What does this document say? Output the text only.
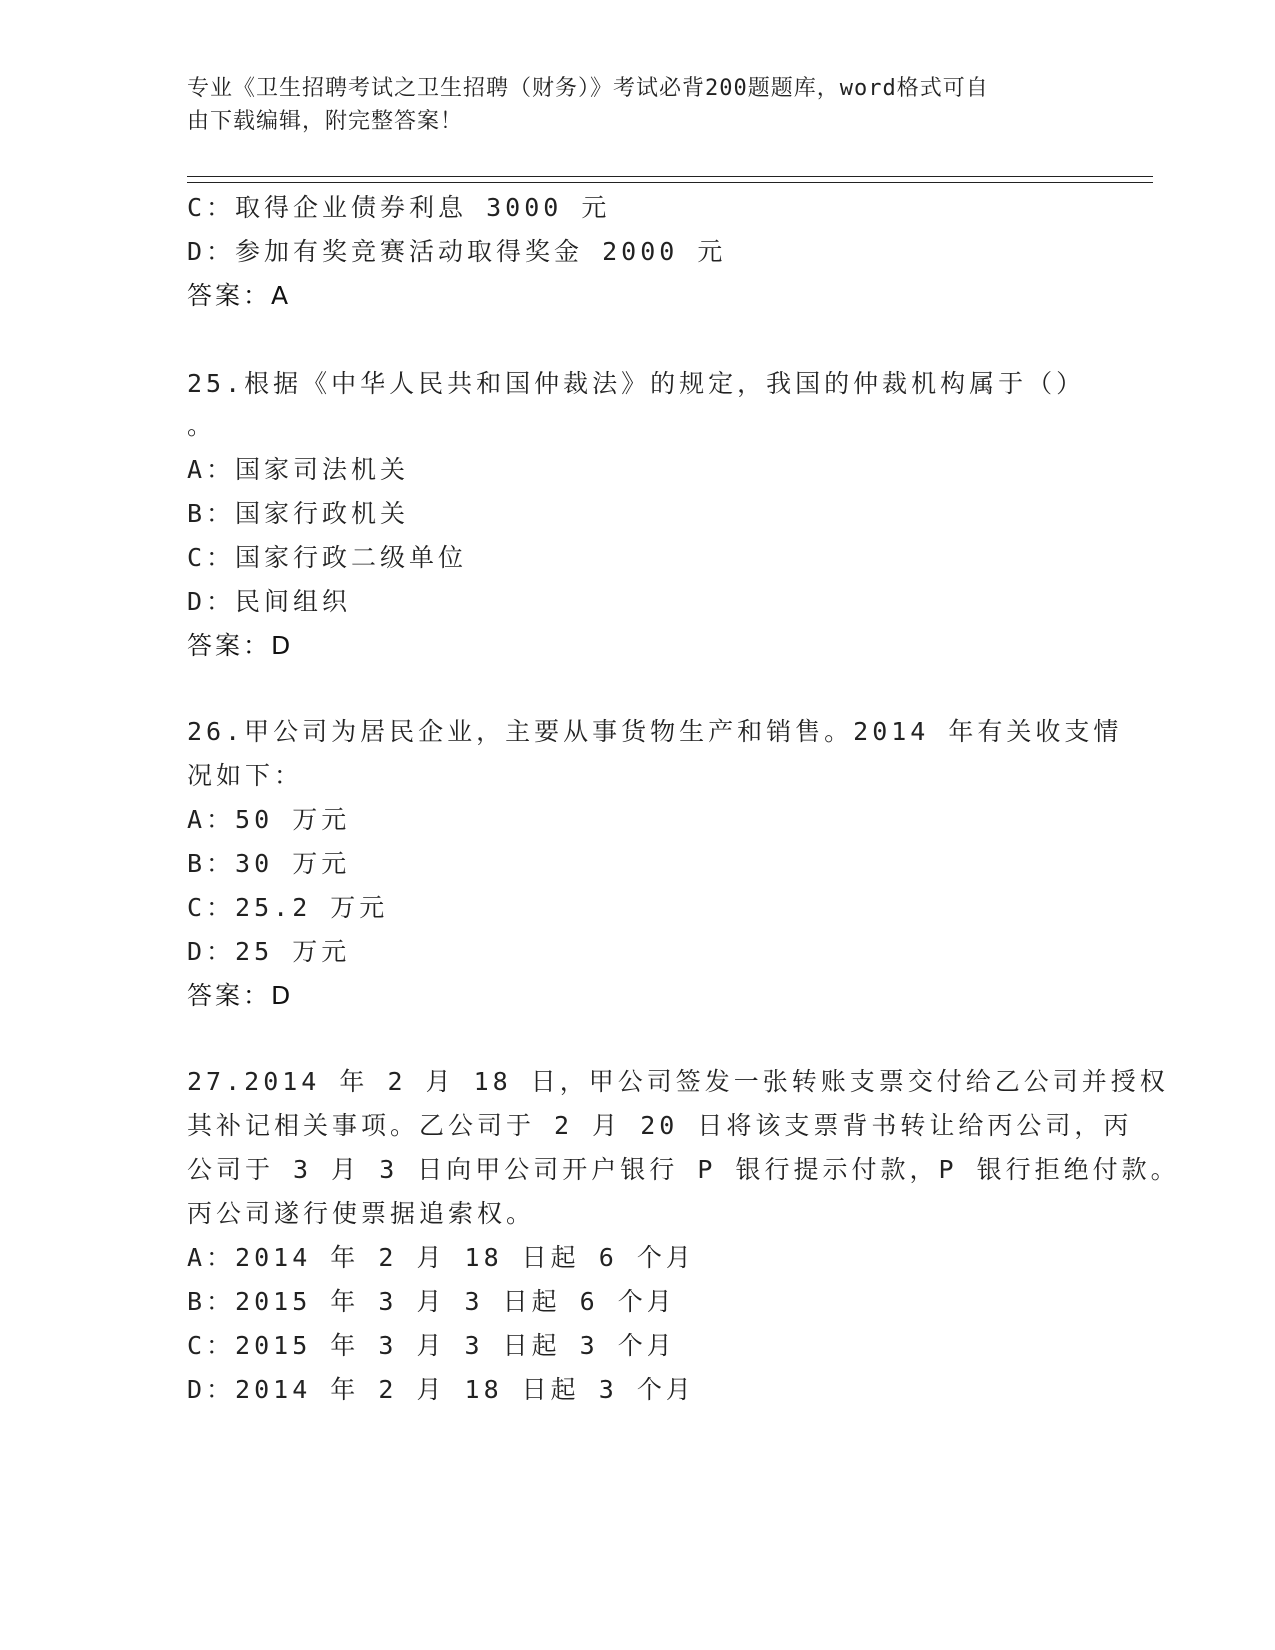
专业《卫生招聘考试之卫生招聘（财务）》考试必背200题题库，word格式可自
由下载编辑，附完整答案！
C：取得企业债券利息 3000 元
D：参加有奖竞赛活动取得奖金 2000 元
答案：A
25.根据《中华人民共和国仲裁法》的规定，我国的仲裁机构属于（）
。
A：国家司法机关
B：国家行政机关
C：国家行政二级单位
D：民间组织
答案：D
26.甲公司为居民企业，主要从事货物生产和销售。2014 年有关收支情
况如下：
A：50 万元
B：30 万元
C：25.2 万元
D：25 万元
答案：D
27.2014 年 2 月 18 日，甲公司签发一张转账支票交付给乙公司并授权
其补记相关事项。乙公司于 2 月 20 日将该支票背书转让给丙公司，丙
公司于 3 月 3 日向甲公司开户银行 P 银行提示付款，P 银行拒绝付款。
丙公司遂行使票据追索权。
A：2014 年 2 月 18 日起 6 个月
B：2015 年 3 月 3 日起 6 个月
C：2015 年 3 月 3 日起 3 个月
D：2014 年 2 月 18 日起 3 个月
